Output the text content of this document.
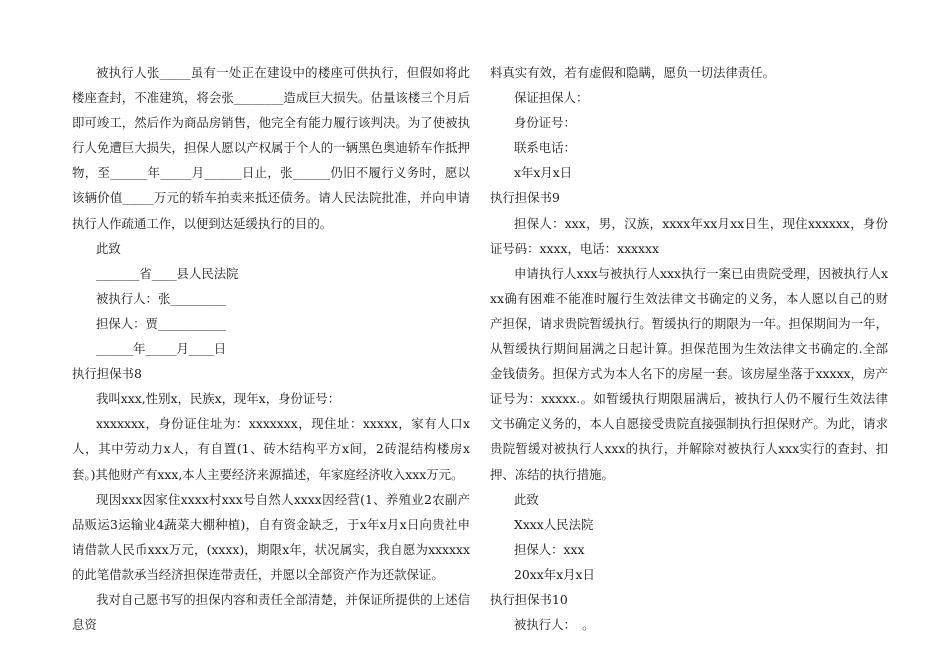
被执行人张_____虽有一处正在建设中的楼座可供执行，但假如将此楼座查封，不准建筑，将会张________造成巨大损失。估量该楼三个月后即可竣工，然后作为商品房销售，他完全有能力履行该判决。为了使被执行人免遭巨大损失，担保人愿以产权属于个人的一辆黑色奥迪轿车作抵押物，至______年_____月______日止，张______仍旧不履行义务时，愿以该辆价值_____万元的轿车拍卖来抵还债务。请人民法院批准，并向申请执行人作疏通工作，以便到达延缓执行的目的。

此致

_______省____县人民法院

被执行人：张_________

担保人：贾___________

______年_____月____日

执行担保书8

我叫xxx,性别x，民族x，现年x，身份证号：

xxxxxxx，身份证住址为：xxxxxxx，现住址：xxxxx，家有人口x人，其中劳动力x人，有自置(1、砖木结构平方x间，2砖混结构楼房x套。)其他财产有xxx,本人主要经济来源描述，年家庭经济收入xxx万元。

现因xxx因家住xxxx村xxx号自然人xxxx因经营(1、养殖业2农副产品贩运3运输业4蔬菜大棚种植)，自有资金缺乏，于x年x月x日向贵社申请借款人民币xxx万元，(xxxx)，期限x年，状况属实，我自愿为xxxxxx的此笔借款承当经济担保连带责任，并愿以全部资产作为还款保证。

我对自己愿书写的担保内容和责任全部清楚，并保证所提供的上述信息资

料真实有效，若有虚假和隐瞒，愿负一切法律责任。

保证担保人：

身份证号：

联系电话：

x年x月x日

执行担保书9

担保人：xxx，男，汉族，xxxx年xx月xx日生，现住xxxxxx，身份证号码：xxxx，电话：xxxxxx

申请执行人xxx与被执行人xxx执行一案已由贵院受理，因被执行人xxx确有困难不能准时履行生效法律文书确定的义务，本人愿以自己的财产担保，请求贵院暂缓执行。暂缓执行的期限为一年。担保期间为一年，从暂缓执行期间届满之日起计算。担保范围为生效法律文书确定的.全部金钱债务。担保方式为本人名下的房屋一套。该房屋坐落于xxxxx，房产证号为：xxxxx.。如暂缓执行期限届满后，被执行人仍不履行生效法律文书确定义务的，本人自愿接受贵院直接强制执行担保财产。为此，请求贵院暂缓对被执行人xxx的执行，并解除对被执行人xxx实行的查封、扣押、冻结的执行措施。

此致

Xxxx人民法院

担保人：xxx

20xx年x月x日

执行担保书10

被执行人：　。
